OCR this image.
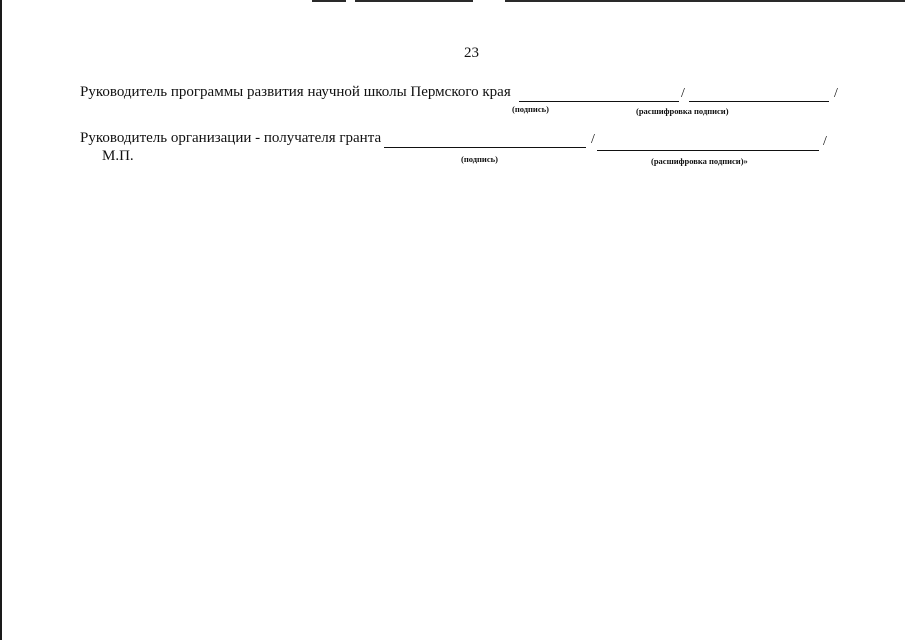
23
Руководитель программы развития научной школы Пермского края	/	/
(подпись)	(расшифровка подписи)
Руководитель организации - получателя гранта	/	/
(подпись)	(расшифровка подписи)»
М.П.
